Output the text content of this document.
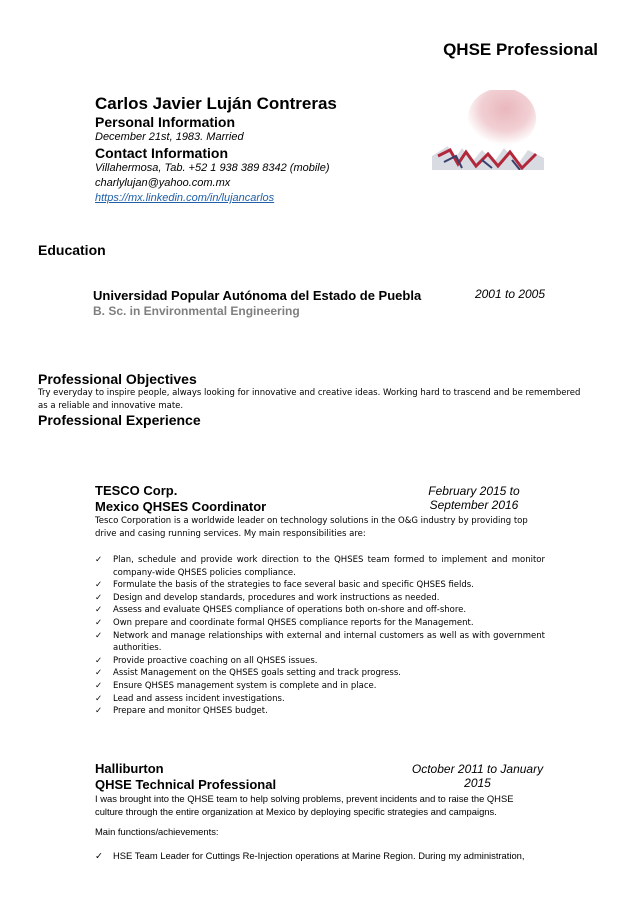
QHSE Professional
Carlos Javier Luján Contreras
Personal Information
December 21st, 1983. Married
Contact Information
Villahermosa, Tab. +52 1 938 389 8342 (mobile)
charlylujan@yahoo.com.mx
https://mx.linkedin.com/in/lujancarlos
Education
Universidad Popular Autónoma del Estado de Puebla
B. Sc. in Environmental Engineering
2001 to 2005
Professional Objectives
Try everyday to inspire people, always looking for innovative and creative ideas. Working hard to trascend and be remembered
as a reliable and innovative mate.
Professional Experience
TESCO Corp.
Mexico QHSES Coordinator
February 2015 to
September 2016
Tesco Corporation is a worldwide leader on technology solutions in the O&G industry by providing top
drive and casing running services. My main responsibilities are:
✓ Plan, schedule and provide work direction to the QHSES team formed to implement and monitor company-wide QHSES policies compliance.
✓ Formulate the basis of the strategies to face several basic and specific QHSES fields.
✓ Design and develop standards, procedures and work instructions as needed.
✓ Assess and evaluate QHSES compliance of operations both on-shore and off-shore.
✓ Own prepare and coordinate formal QHSES compliance reports for the Management.
✓ Network and manage relationships with external and internal customers as well as with government authorities.
✓ Provide proactive coaching on all QHSES issues.
✓ Assist Management on the QHSES goals setting and track progress.
✓ Ensure QHSES management system is complete and in place.
✓ Lead and assess incident investigations.
✓ Prepare and monitor QHSES budget.
Halliburton
QHSE Technical Professional
October 2011 to January
2015
I was brought into the QHSE team to help solving problems, prevent incidents and to raise the QHSE
culture through the entire organization at Mexico by deploying specific strategies and campaigns.
Main functions/achievements:
✓ HSE Team Leader for Cuttings Re-Injection operations at Marine Region. During my administration,
